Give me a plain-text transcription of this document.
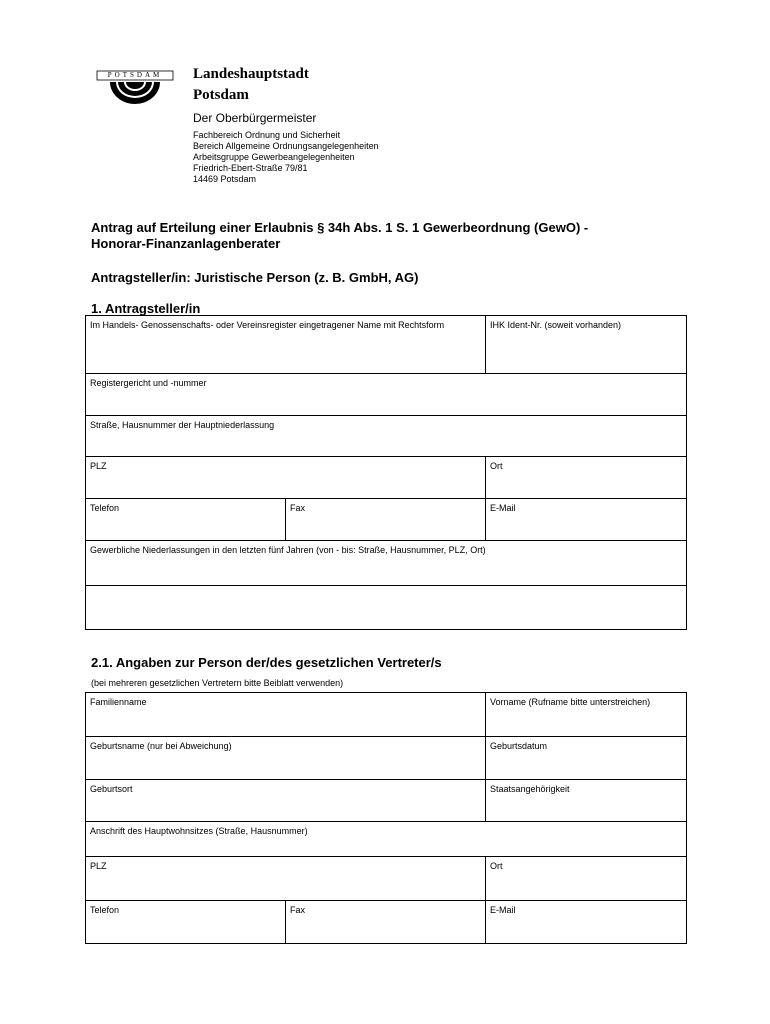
POTSDAM	Landeshauptstadt
Potsdam
Der Oberbürgermeister
Fachbereich Ordnung und Sicherheit
Bereich Allgemeine Ordnungsangelegenheiten
Arbeitsgruppe Gewerbeangelegenheiten
Friedrich-Ebert-Straße 79/81
14469 Potsdam
Antrag auf Erteilung einer Erlaubnis § 34h Abs. 1 S. 1 Gewerbeordnung (GewO) -
Honorar-Finanzanlagenberater
Antragsteller/in: Juristische Person (z. B. GmbH, AG)
1. Antragsteller/in
Im Handels- Genossenschafts- oder Vereinsregister eingetragener Name mit Rechtsform		IHK Ident-Nr. (soweit vorhanden)
Registergericht und -nummer		
Straße, Hausnummer der Hauptniederlassung		
PLZ		Ort
Telefon	Fax	E-Mail
Gewerbliche Niederlassungen in den letzten fünf Jahren (von - bis: Straße, Hausnummer, PLZ, Ort)		

2.1. Angaben zur Person der/des gesetzlichen Vertreter/s
(bei mehreren gesetzlichen Vertretern bitte Beiblatt verwenden)
Familienname		Vorname (Rufname bitte unterstreichen)
Geburtsname (nur bei Abweichung)		Geburtsdatum
Geburtsort		Staatsangehörigkeit
Anschrift des Hauptwohnsitzes (Straße, Hausnummer)		
PLZ		Ort
Telefon	Fax	E-Mail
